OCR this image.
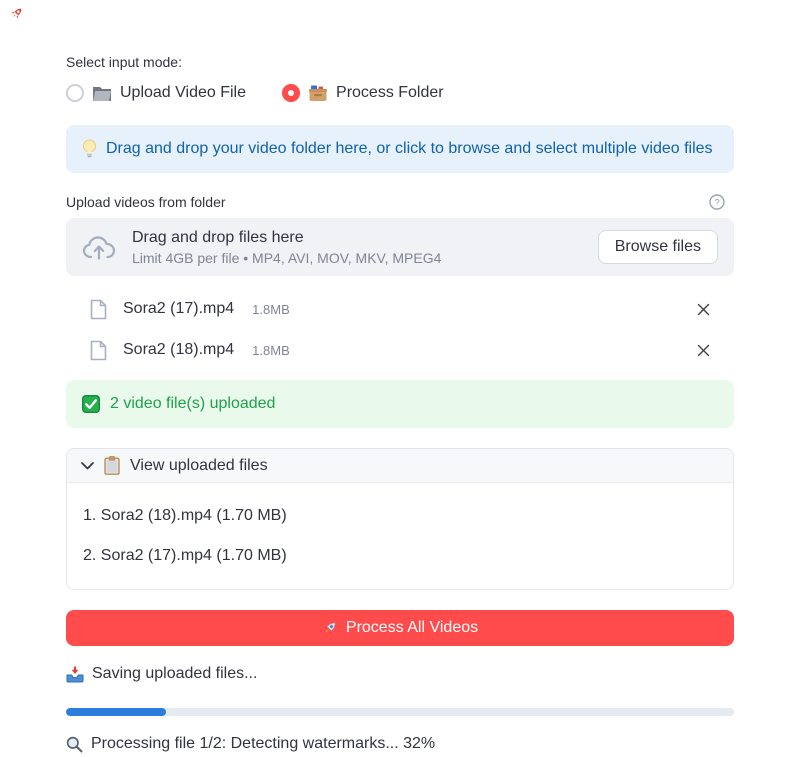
Select input mode:
Upload Video File	Process Folder
Drag and drop your video folder here, or click to browse and select multiple video files
Upload videos from folder	?
Drag and drop files here
Limit 4GB per file • MP4, AVI, MOV, MKV, MPEG4
Browse files
Sora2 (17).mp4 1.8MB
Sora2 (18).mp4 1.8MB
2 video file(s) uploaded
View uploaded files
1. Sora2 (18).mp4 (1.70 MB)
2. Sora2 (17).mp4 (1.70 MB)
Process All Videos
Saving uploaded files...
Processing file 1/2: Detecting watermarks... 32%
